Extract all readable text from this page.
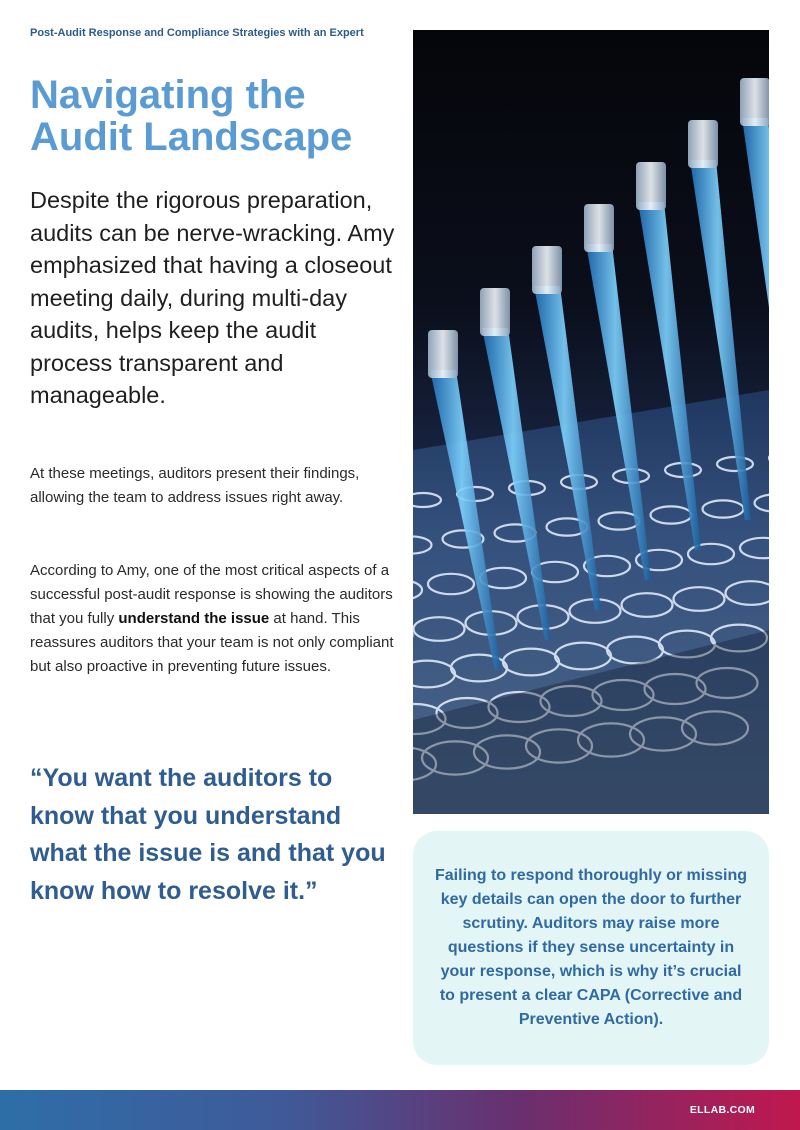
Post-Audit Response and Compliance Strategies with an Expert
Navigating the Audit Landscape
Despite the rigorous preparation, audits can be nerve-wracking. Amy emphasized that having a closeout meeting daily, during multi-day audits, helps keep the audit process transparent and manageable.
At these meetings, auditors present their findings, allowing the team to address issues right away.
According to Amy, one of the most critical aspects of a successful post-audit response is showing the auditors that you fully understand the issue at hand. This reassures auditors that your team is not only compliant but also proactive in preventing future issues.
“You want the auditors to know that you understand what the issue is and that you know how to resolve it.”

Failing to respond thoroughly or missing key details can open the door to further scrutiny. Auditors may raise more questions if they sense uncertainty in your response, which is why it’s crucial to present a clear CAPA (Corrective and Preventive Action).

ELLAB.COM
